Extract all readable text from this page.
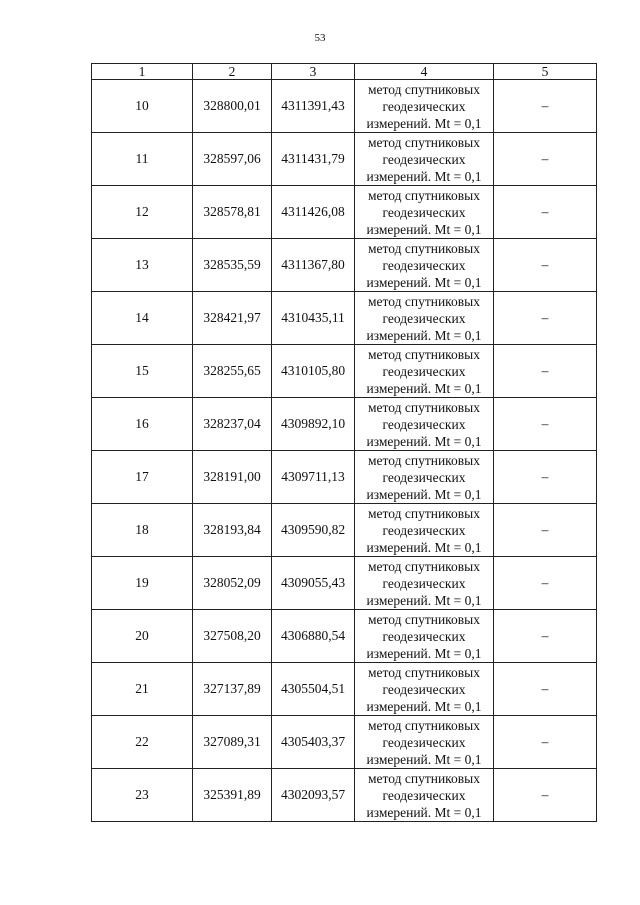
53
1	2	3	4	5
10	328800,01	4311391,43	метод спутниковых
геодезических
измерений. Mt = 0,1	–
11	328597,06	4311431,79	метод спутниковых
геодезических
измерений. Mt = 0,1	–
12	328578,81	4311426,08	метод спутниковых
геодезических
измерений. Mt = 0,1	–
13	328535,59	4311367,80	метод спутниковых
геодезических
измерений. Mt = 0,1	–
14	328421,97	4310435,11	метод спутниковых
геодезических
измерений. Mt = 0,1	–
15	328255,65	4310105,80	метод спутниковых
геодезических
измерений. Mt = 0,1	–
16	328237,04	4309892,10	метод спутниковых
геодезических
измерений. Mt = 0,1	–
17	328191,00	4309711,13	метод спутниковых
геодезических
измерений. Mt = 0,1	–
18	328193,84	4309590,82	метод спутниковых
геодезических
измерений. Mt = 0,1	–
19	328052,09	4309055,43	метод спутниковых
геодезических
измерений. Mt = 0,1	–
20	327508,20	4306880,54	метод спутниковых
геодезических
измерений. Mt = 0,1	–
21	327137,89	4305504,51	метод спутниковых
геодезических
измерений. Mt = 0,1	–
22	327089,31	4305403,37	метод спутниковых
геодезических
измерений. Mt = 0,1	–
23	325391,89	4302093,57	метод спутниковых
геодезических
измерений. Mt = 0,1	–
